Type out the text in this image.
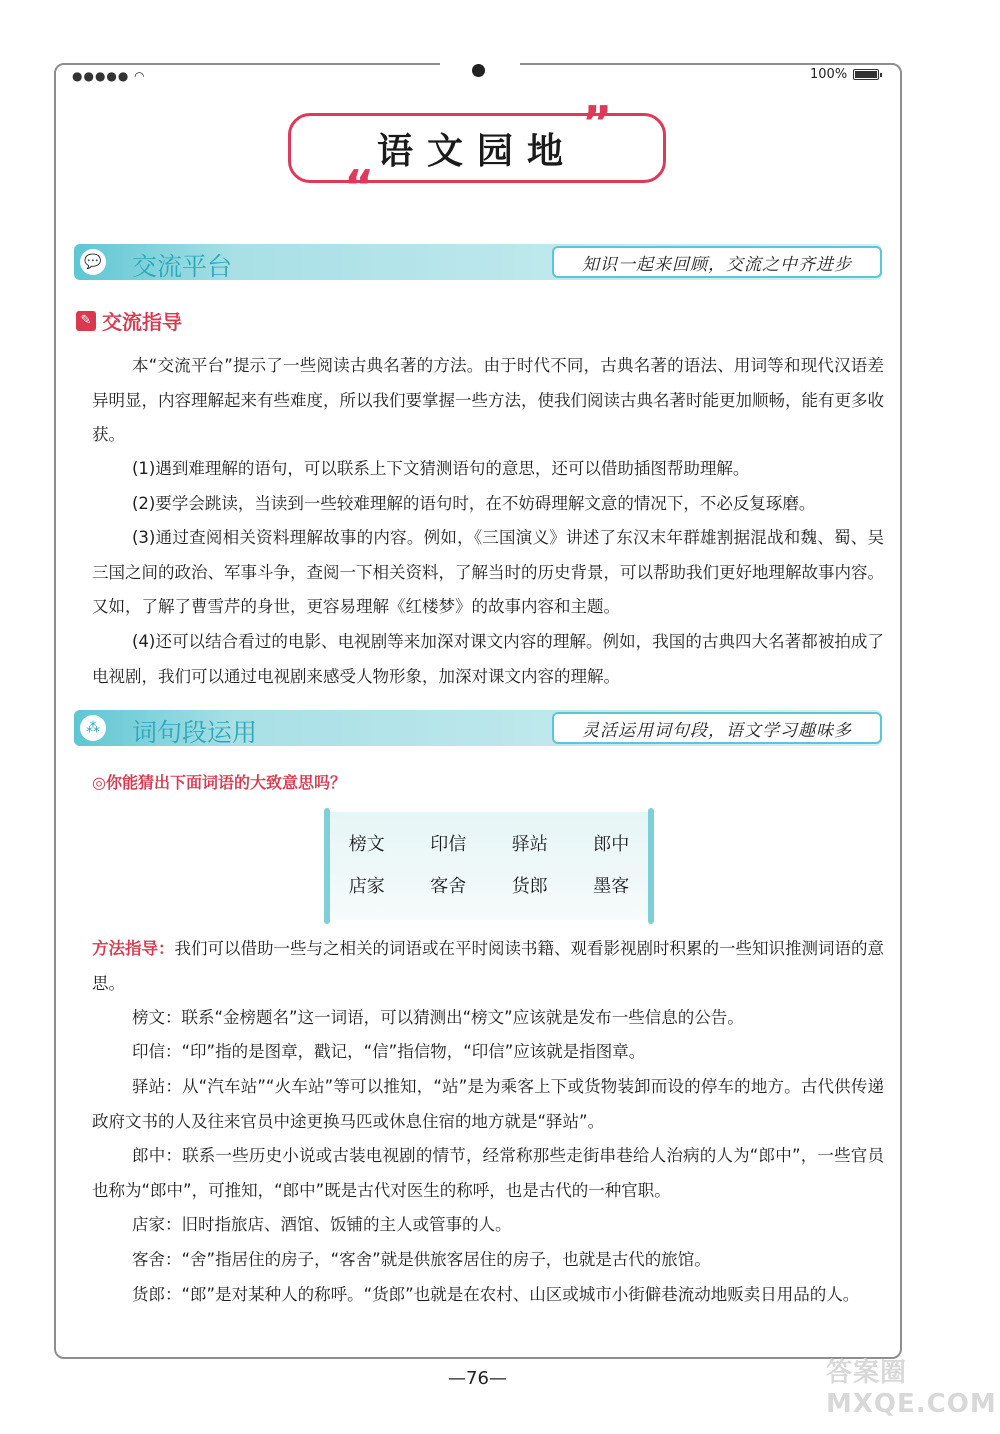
●●●●● ◠	100%
语文园地
”
“
💬 交流平台	知识一起来回顾，交流之中齐进步
✎ 交流指导

本“交流平台”提示了一些阅读古典名著的方法。由于时代不同，古典名著的语法、用词等和现代汉语差异明显，内容理解起来有些难度，所以我们要掌握一些方法，使我们阅读古典名著时能更加顺畅，能有更多收获。

(1)遇到难理解的语句，可以联系上下文猜测语句的意思，还可以借助插图帮助理解。

(2)要学会跳读，当读到一些较难理解的语句时，在不妨碍理解文意的情况下，不必反复琢磨。

(3)通过查阅相关资料理解故事的内容。例如，《三国演义》讲述了东汉末年群雄割据混战和魏、蜀、吴三国之间的政治、军事斗争，查阅一下相关资料，了解当时的历史背景，可以帮助我们更好地理解故事内容。又如，了解了曹雪芹的身世，更容易理解《红楼梦》的故事内容和主题。

(4)还可以结合看过的电影、电视剧等来加深对课文内容的理解。例如，我国的古典四大名著都被拍成了电视剧，我们可以通过电视剧来感受人物形象，加深对课文内容的理解。

⁂ 词句段运用	灵活运用词句段，语文学习趣味多
◎你能猜出下面词语的大致意思吗？
榜文	印信	驿站	郎中
店家	客舍	货郎	墨客

方法指导：我们可以借助一些与之相关的词语或在平时阅读书籍、观看影视剧时积累的一些知识推测词语的意思。

榜文：联系“金榜题名”这一词语，可以猜测出“榜文”应该就是发布一些信息的公告。

印信：“印”指的是图章，戳记，“信”指信物，“印信”应该就是指图章。

驿站：从“汽车站”“火车站”等可以推知，“站”是为乘客上下或货物装卸而设的停车的地方。古代供传递政府文书的人及往来官员中途更换马匹或休息住宿的地方就是“驿站”。

郎中：联系一些历史小说或古装电视剧的情节，经常称那些走街串巷给人治病的人为“郎中”，一些官员也称为“郎中”，可推知，“郎中”既是古代对医生的称呼，也是古代的一种官职。

店家：旧时指旅店、酒馆、饭铺的主人或管事的人。

客舍：“舍”指居住的房子，“客舍”就是供旅客居住的房子，也就是古代的旅馆。

货郎：“郎”是对某种人的称呼。“货郎”也就是在农村、山区或城市小街僻巷流动地贩卖日用品的人。

—76—	答案圈 MXQE.COM
